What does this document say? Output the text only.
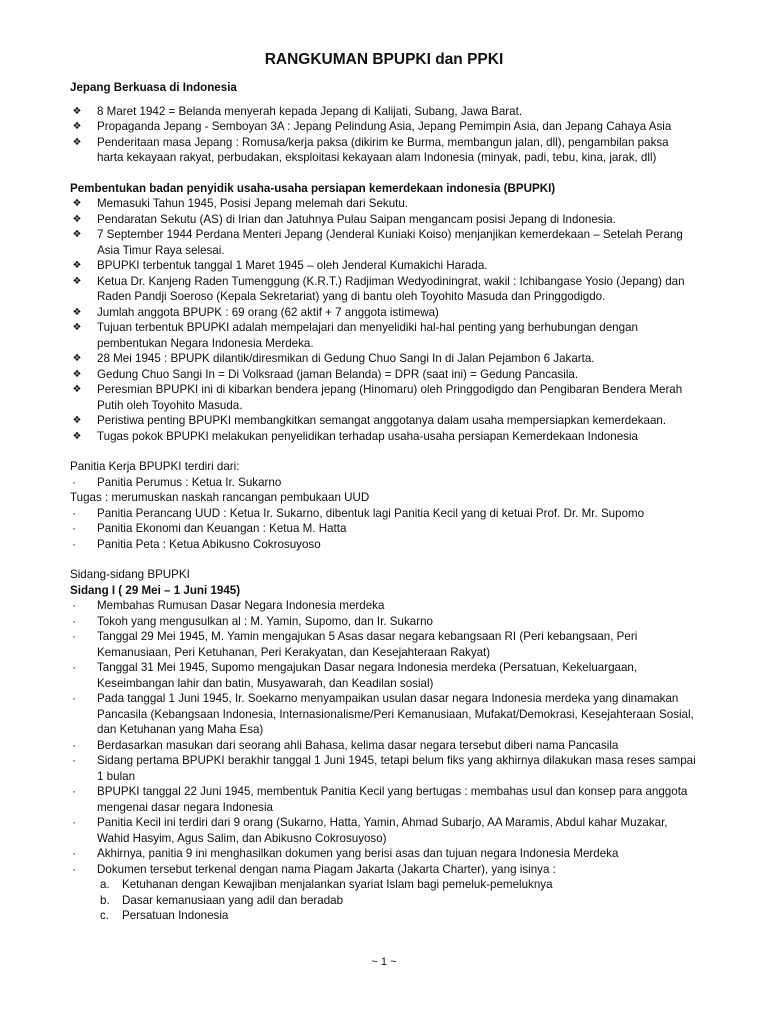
RANGKUMAN BPUPKI dan PPKI
Jepang Berkuasa di Indonesia
❖ 8 Maret 1942 = Belanda menyerah kepada Jepang di Kalijati, Subang, Jawa Barat.
❖ Propaganda Jepang - Semboyan 3A : Jepang Pelindung Asia, Jepang Pemimpin Asia, dan Jepang Cahaya Asia
❖ Penderitaan masa Jepang : Romusa/kerja paksa (dikirim ke Burma, membangun jalan, dll), pengambilan paksa harta kekayaan rakyat, perbudakan, eksploitasi kekayaan alam Indonesia (minyak, padi, tebu, kina, jarak, dll)
Pembentukan badan penyidik usaha-usaha persiapan kemerdekaan indonesia (BPUPKI)
❖ Memasuki Tahun 1945, Posisi Jepang melemah dari Sekutu.
❖ Pendaratan Sekutu (AS) di Irian dan Jatuhnya Pulau Saipan mengancam posisi Jepang di Indonesia.
❖ 7 September 1944 Perdana Menteri Jepang (Jenderal Kuniaki Koiso) menjanjikan kemerdekaan – Setelah Perang Asia Timur Raya selesai.
❖ BPUPKI terbentuk tanggal 1 Maret 1945 – oleh Jenderal Kumakichi Harada.
❖ Ketua Dr. Kanjeng Raden Tumenggung (K.R.T.) Radjiman Wedyodiningrat, wakil : Ichibangase Yosio (Jepang) dan Raden Pandji Soeroso (Kepala Sekretariat) yang di bantu oleh Toyohito Masuda dan Pringgodigdo.
❖ Jumlah anggota BPUPK : 69 orang (62 aktif + 7 anggota istimewa)
❖ Tujuan terbentuk BPUPKI adalah mempelajari dan menyelidiki hal-hal penting yang berhubungan dengan pembentukan Negara Indonesia Merdeka.
❖ 28 Mei 1945 : BPUPK dilantik/diresmikan di Gedung Chuo Sangi In di Jalan Pejambon 6 Jakarta.
❖ Gedung Chuo Sangi In = Di Volksraad (jaman Belanda) = DPR (saat ini) = Gedung Pancasila.
❖ Peresmian BPUPKI ini di kibarkan bendera jepang (Hinomaru) oleh Pringgodigdo dan Pengibaran Bendera Merah Putih oleh Toyohito Masuda.
❖ Peristiwa penting BPUPKI membangkitkan semangat anggotanya dalam usaha mempersiapkan kemerdekaan.
❖ Tugas pokok BPUPKI melakukan penyelidikan terhadap usaha-usaha persiapan Kemerdekaan Indonesia
Panitia Kerja BPUPKI terdiri dari:
· Panitia Perumus : Ketua Ir. Sukarno
Tugas : merumuskan naskah rancangan pembukaan UUD
· Panitia Perancang UUD : Ketua Ir. Sukarno, dibentuk lagi Panitia Kecil yang di ketuai Prof. Dr. Mr. Supomo
· Panitia Ekonomi dan Keuangan : Ketua M. Hatta
· Panitia Peta : Ketua Abikusno Cokrosuyoso
Sidang-sidang BPUPKI
Sidang I ( 29 Mei – 1 Juni 1945)
· Membahas Rumusan Dasar Negara Indonesia merdeka
· Tokoh yang mengusulkan al : M. Yamin, Supomo, dan Ir. Sukarno
· Tanggal 29 Mei 1945, M. Yamin mengajukan 5 Asas dasar negara kebangsaan RI (Peri kebangsaan, Peri Kemanusiaan, Peri Ketuhanan, Peri Kerakyatan, dan Kesejahteraan Rakyat)
· Tanggal 31 Mei 1945, Supomo mengajukan Dasar negara Indonesia merdeka (Persatuan, Kekeluargaan, Keseimbangan lahir dan batin, Musyawarah, dan Keadilan sosial)
· Pada tanggal 1 Juni 1945, Ir. Soekarno menyampaikan usulan dasar negara Indonesia merdeka yang dinamakan Pancasila (Kebangsaan Indonesia, Internasionalisme/Peri Kemanusiaan, Mufakat/Demokrasi, Kesejahteraan Sosial, dan Ketuhanan yang Maha Esa)
· Berdasarkan masukan dari seorang ahli Bahasa, kelima dasar negara tersebut diberi nama Pancasila
· Sidang pertama BPUPKI berakhir tanggal 1 Juni 1945, tetapi belum fiks yang akhirnya dilakukan masa reses sampai 1 bulan
· BPUPKI tanggal 22 Juni 1945, membentuk Panitia Kecil yang bertugas : membahas usul dan konsep para anggota mengenai dasar negara Indonesia
· Panitia Kecil ini terdiri dari 9 orang (Sukarno, Hatta, Yamin, Ahmad Subarjo, AA Maramis, Abdul kahar Muzakar, Wahid Hasyim, Agus Salim, dan Abikusno Cokrosuyoso)
· Akhirnya, panitia 9 ini menghasilkan dokumen yang berisi asas dan tujuan negara Indonesia Merdeka
· Dokumen tersebut terkenal dengan nama Piagam Jakarta (Jakarta Charter), yang isinya :
a. Ketuhanan dengan Kewajiban menjalankan syariat Islam bagi pemeluk-pemeluknya
b. Dasar kemanusiaan yang adil dan beradab
c. Persatuan Indonesia
~ 1 ~
